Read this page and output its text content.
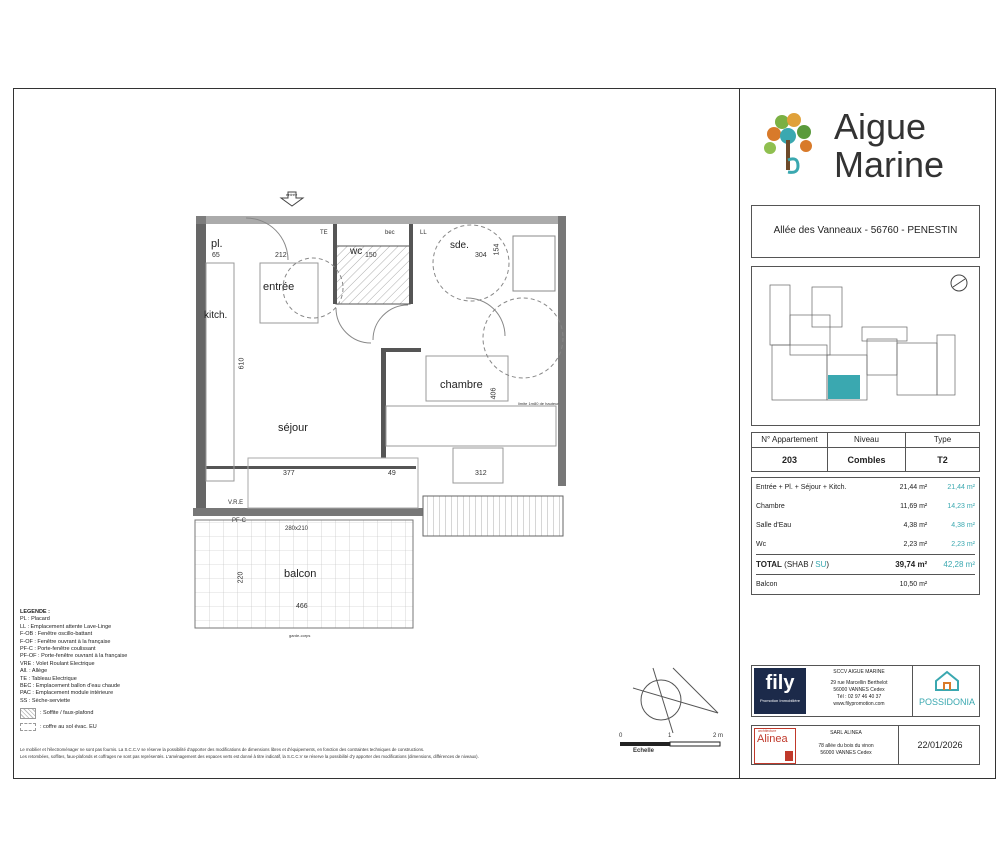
pl.
entrée
kitch.
séjour
wc
sde.
chambre
balcon
TE	bec	LL
65	212	150	304
154
610
406
377	49	312
220
466
V.R.E
PF-C
280x210
entrée
limite 1m80 de hauteur
garde-corps
0	1	2 m
Echelle
LEGENDE :
PL : Placard
LL : Emplacement attente Lave-Linge
F-OB : Fenêtre oscillo-battant
F-OF : Fenêtre ouvrant à la française
PF-C : Porte-fenêtre coulissant
PF-OF : Porte-fenêtre ouvrant à la française
VRE : Volet Roulant Electrique
All. : Allège
TE : Tableau Electrique
BEC : Emplacement ballon d'eau chaude
PAC : Emplacement module intérieure
SS : Sèche-serviette
: Soffite / faux-plafond
: coffre au sol évac. EU
Le mobilier et l'électroménager ne sont pas fournis. La S.C.C.V se réserve la possibilité d'apporter des modifications de dimensions libres et d'équipements, en fonction des contraintes techniques de constructions.
Les retombées, soffites, faux-plafonds et coffrages ne sont pas représentés. L'aménagement des espaces verts est donné à titre indicatif, la S.C.C.V se réserve la possibilité d'y apporter des modifications (dimensions, différences de niveaux).
Aigue
Marine
Allée des Vanneaux - 56760 - PENESTIN
N° Appartement	Niveau	Type
203	Combles	T2
Entrée + Pl. + Séjour + Kitch.	21,44 m²	21,44 m²
Chambre	11,69 m²	14,23 m²
Salle d'Eau	4,38 m²	4,38 m²
Wc	2,23 m²	2,23 m²
TOTAL (SHAB / SU)	39,74 m²	42,28 m²
Balcon	10,50 m²	
fily
Promotion Immobilière
SCCV AIGUE MARINE
29 rue Marcellin Berthelot
56000 VANNES Cedex
Tél : 02 97 46 40 37
www.filypromotion.com	POSSIDONIA
architecture
Alinea	SARL ALINEA
78 allée du bois du vinon
56000 VANNES Cedex
22/01/2026
